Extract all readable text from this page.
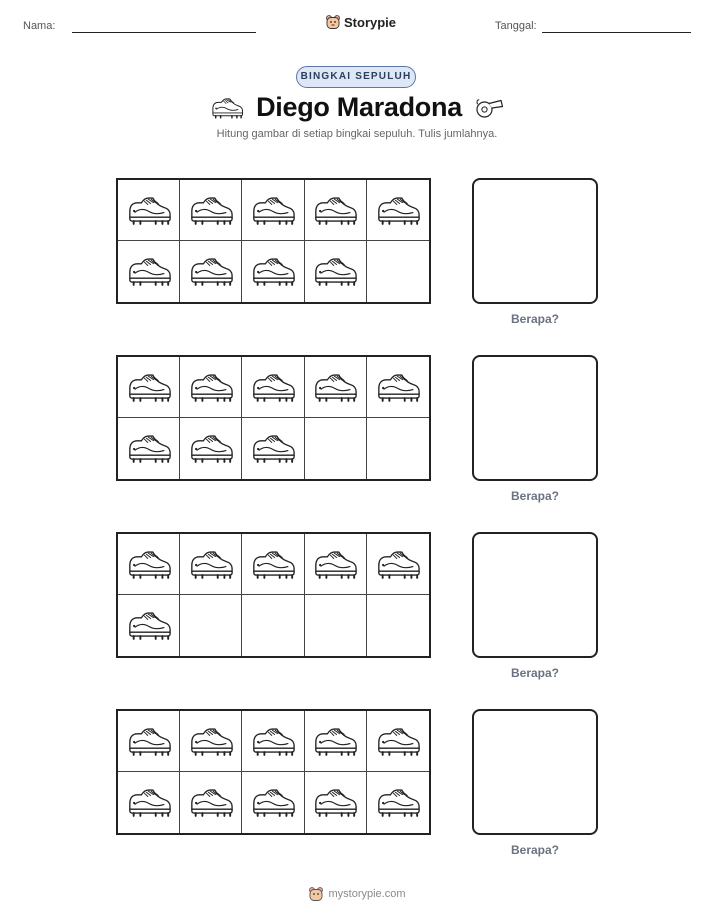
Nama:	Storypie	Tanggal:
BINGKAI SEPULUH
Diego Maradona
Hitung gambar di setiap bingkai sepuluh. Tulis jumlahnya.
Berapa?
Berapa?
Berapa?
Berapa?
mystorypie.com
